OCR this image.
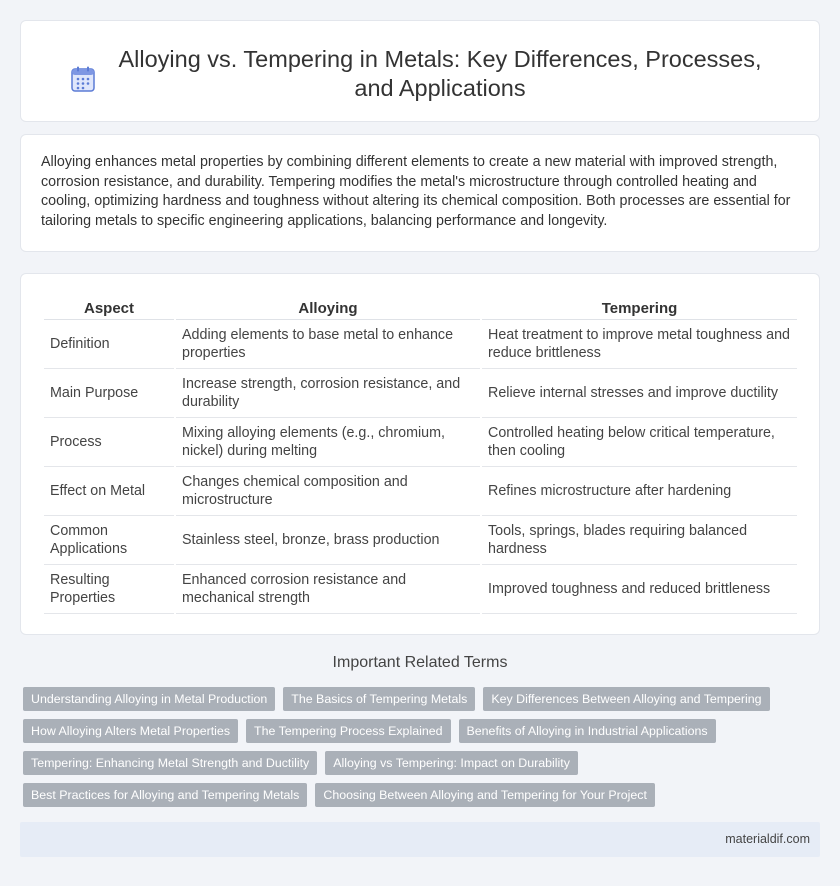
Alloying vs. Tempering in Metals: Key Differences, Processes, and Applications

Alloying enhances metal properties by combining different elements to create a new material with improved strength, corrosion resistance, and durability. Tempering modifies the metal's microstructure through controlled heating and cooling, optimizing hardness and toughness without altering its chemical composition. Both processes are essential for tailoring metals to specific engineering applications, balancing performance and longevity.

Aspect	Alloying	Tempering
Definition	Adding elements to base metal to enhance properties	Heat treatment to improve metal toughness and reduce brittleness
Main Purpose	Increase strength, corrosion resistance, and durability	Relieve internal stresses and improve ductility
Process	Mixing alloying elements (e.g., chromium, nickel) during melting	Controlled heating below critical temperature, then cooling
Effect on Metal	Changes chemical composition and microstructure	Refines microstructure after hardening
Common Applications	Stainless steel, bronze, brass production	Tools, springs, blades requiring balanced hardness
Resulting Properties	Enhanced corrosion resistance and mechanical strength	Improved toughness and reduced brittleness
Important Related Terms
Understanding Alloying in Metal Production	The Basics of Tempering Metals	Key Differences Between Alloying and Tempering
How Alloying Alters Metal Properties	The Tempering Process Explained	Benefits of Alloying in Industrial Applications
Tempering: Enhancing Metal Strength and Ductility	Alloying vs Tempering: Impact on Durability
Best Practices for Alloying and Tempering Metals	Choosing Between Alloying and Tempering for Your Project
materialdif.com
